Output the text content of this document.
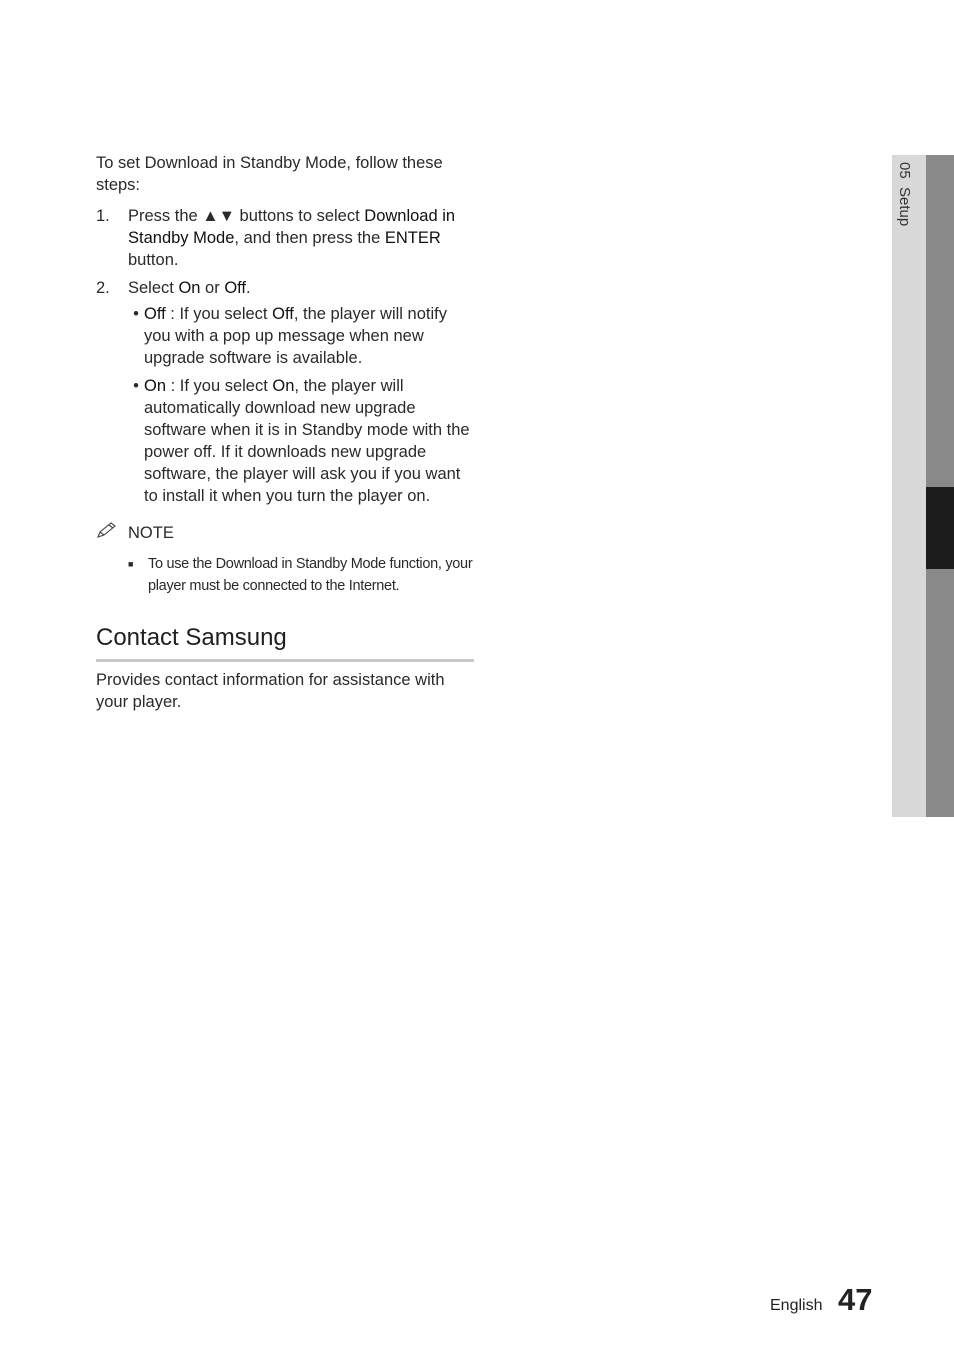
05  Setup

To set Download in Standby Mode, follow these steps:

1.	Press the ▲▼ buttons to select Download in Standby Mode, and then press the ENTER button.
2.	Select On or Off.
• Off : If you select Off, the player will notify you with a pop up message when new upgrade software is available.
• On : If you select On, the player will automatically download new upgrade software when it is in Standby mode with the power off. If it downloads new upgrade software, the player will ask you if you want to install it when you turn the player on.
NOTE
■	To use the Download in Standby Mode function, your player must be connected to the Internet.
Contact Samsung

Provides contact information for assistance with your player.

English 47
